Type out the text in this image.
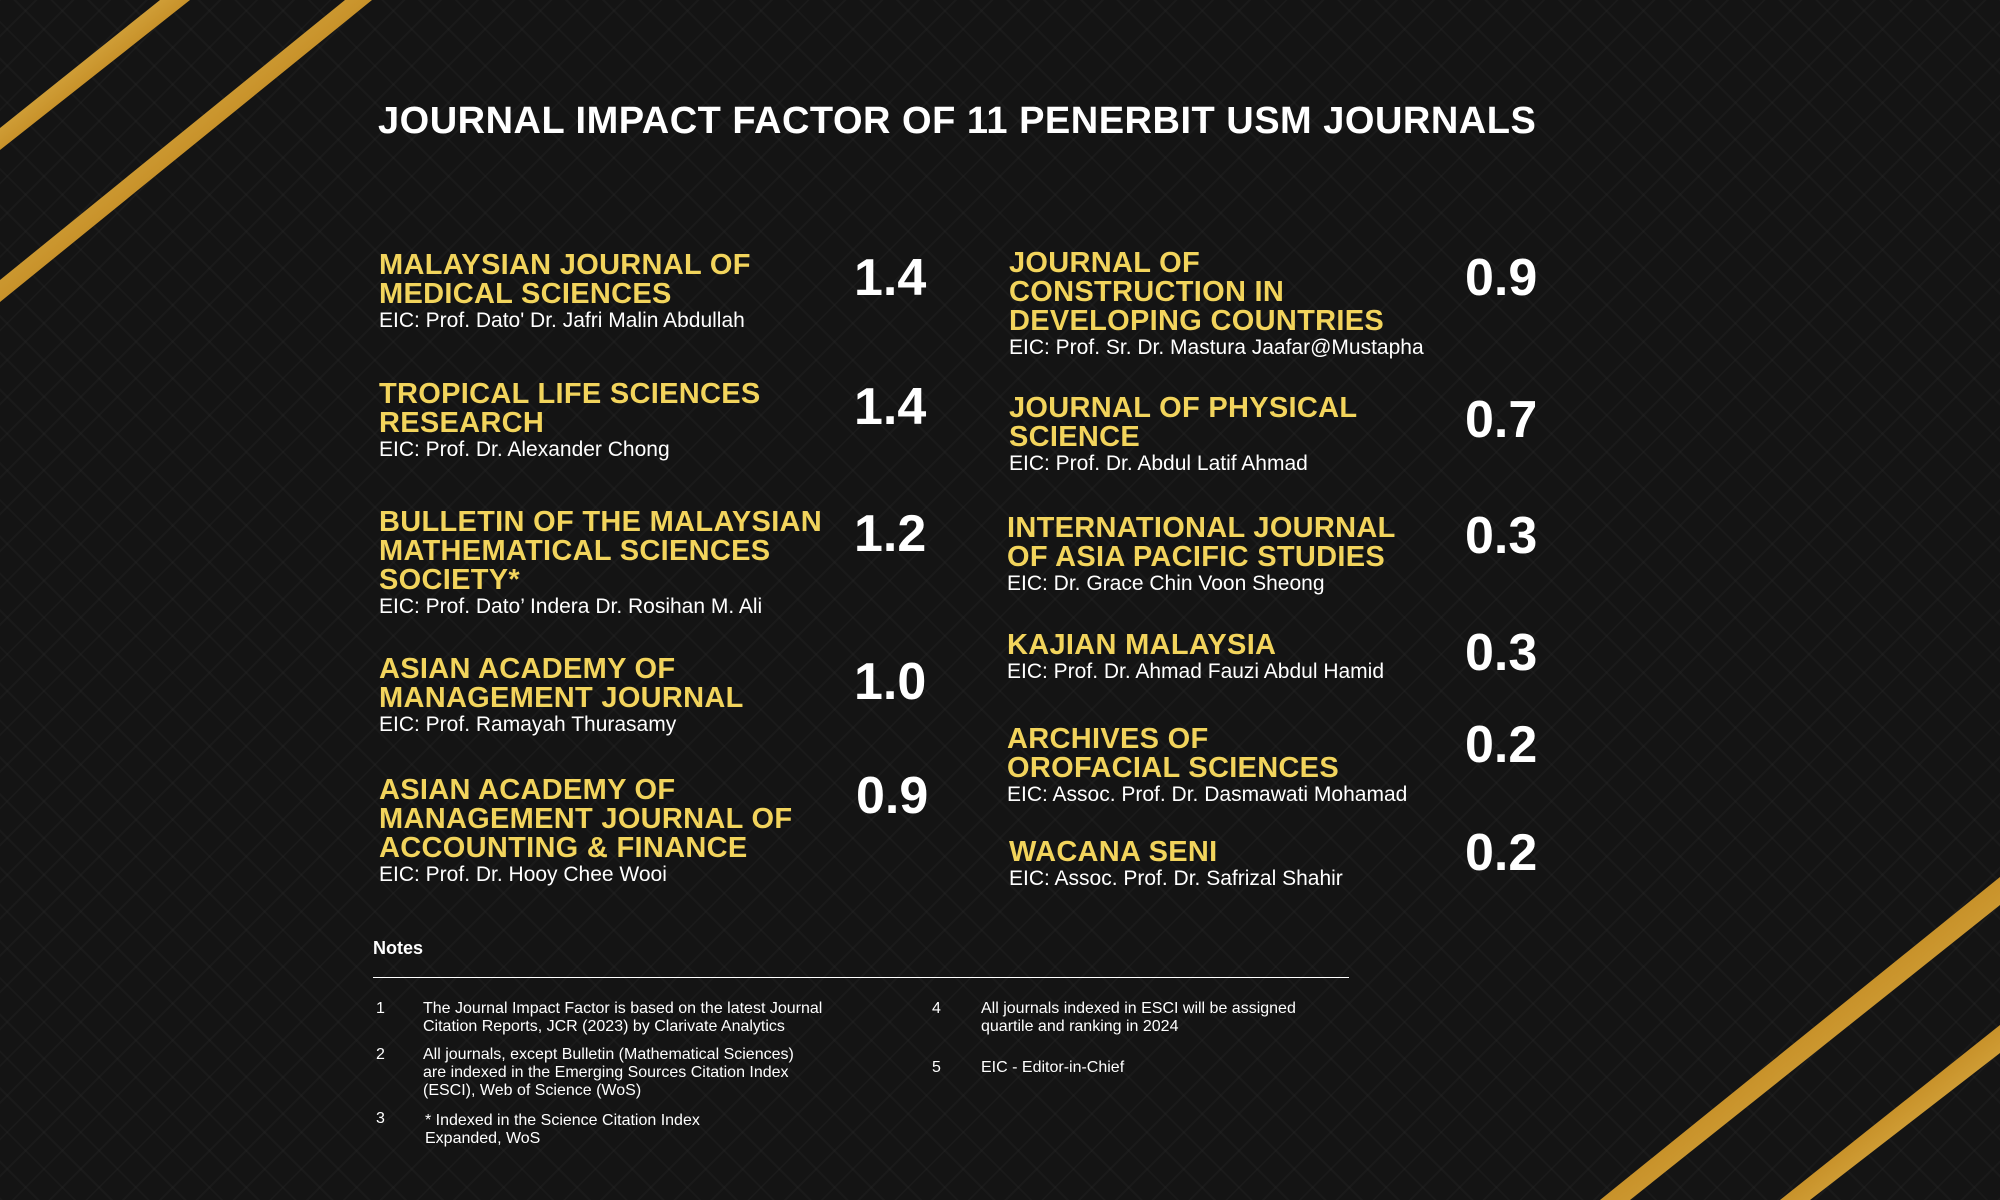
JOURNAL IMPACT FACTOR OF 11 PENERBIT USM JOURNALS

MALAYSIAN JOURNAL OF
MEDICAL SCIENCES

EIC: Prof. Dato' Dr. Jafri Malin Abdullah

1.4

TROPICAL LIFE SCIENCES
RESEARCH

EIC: Prof. Dr. Alexander Chong

1.4

BULLETIN OF THE MALAYSIAN
MATHEMATICAL SCIENCES
SOCIETY*

EIC: Prof. Dato’ Indera Dr. Rosihan M. Ali

1.2

ASIAN ACADEMY OF
MANAGEMENT JOURNAL

EIC: Prof. Ramayah Thurasamy

1.0

ASIAN ACADEMY OF
MANAGEMENT JOURNAL OF
ACCOUNTING & FINANCE

EIC: Prof. Dr. Hooy Chee Wooi

0.9

JOURNAL OF
CONSTRUCTION IN
DEVELOPING COUNTRIES

EIC: Prof. Sr. Dr. Mastura Jaafar@Mustapha

0.9

JOURNAL OF PHYSICAL
SCIENCE

EIC: Prof. Dr. Abdul Latif Ahmad

0.7

INTERNATIONAL JOURNAL
OF ASIA PACIFIC STUDIES

EIC: Dr. Grace Chin Voon Sheong

0.3

KAJIAN MALAYSIA

EIC: Prof. Dr. Ahmad Fauzi Abdul Hamid 0.3

ARCHIVES OF
OROFACIAL SCIENCES

EIC: Assoc. Prof. Dr. Dasmawati Mohamad

0.2

WACANA SENI

EIC: Assoc. Prof. Dr. Safrizal Shahir 0.2
Notes
1 The Journal Impact Factor is based on the latest Journal
Citation Reports, JCR (2023) by Clarivate Analytics
2 All journals, except Bulletin (Mathematical Sciences)
are indexed in the Emerging Sources Citation Index
(ESCI), Web of Science (WoS)
3	* Indexed in the Science Citation Index
Expanded, WoS
4	All journals indexed in ESCI will be assigned
quartile and ranking in 2024
5	EIC - Editor-in-Chief
